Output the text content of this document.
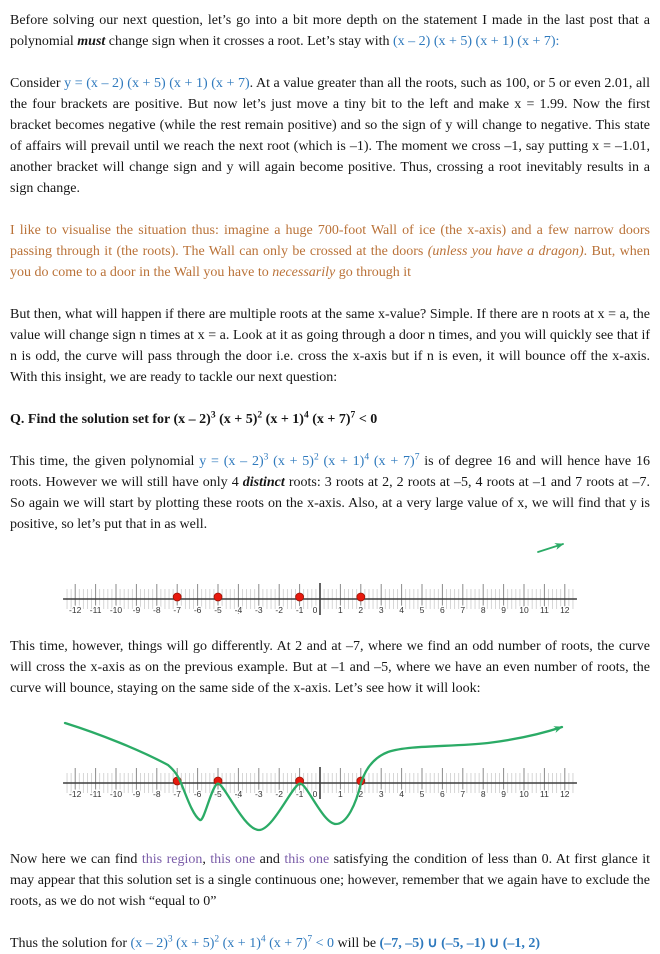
Before solving our next question, let’s go into a bit more depth on the statement I made in the last post that a polynomial must change sign when it crosses a root. Let’s stay with (x – 2) (x + 5) (x + 1) (x + 7):

Consider y = (x – 2) (x + 5) (x + 1) (x + 7). At a value greater than all the roots, such as 100, or 5 or even 2.01, all the four brackets are positive. But now let’s just move a tiny bit to the left and make x = 1.99. Now the first bracket becomes negative (while the rest remain positive) and so the sign of y will change to negative. This state of affairs will prevail until we reach the next root (which is –1). The moment we cross –1, say putting x = –1.01, another bracket will change sign and y will again become positive. Thus, crossing a root inevitably results in a sign change.

I like to visualise the situation thus: imagine a huge 700-foot Wall of ice (the x-axis) and a few narrow doors passing through it (the roots). The Wall can only be crossed at the doors (unless you have a dragon). But, when you do come to a door in the Wall you have to necessarily go through it

But then, what will happen if there are multiple roots at the same x-value? Simple. If there are n roots at x = a, the value will change sign n times at x = a. Look at it as going through a door n times, and you will quickly see that if n is odd, the curve will pass through the door i.e. cross the x-axis but if n is even, it will bounce off the x-axis. With this insight, we are ready to tackle our next question:

Q. Find the solution set for (x – 2)$^3$ $(x + 5)^2$ $(x + 1)^4$ $(x + 7)^7 < 0$

This time, the given polynomial y = (x – 2)$^3$ $(x + 5)^2$ $(x + 1)^4$ $(x + 7)^7$ is of degree 16 and will hence have 16 roots. However we will still have only 4 distinct roots: 3 roots at 2, 2 roots at –5, 4 roots at –1 and 7 roots at –7. So again we will start by plotting these roots on the x-axis. Also, at a very large value of x, we will find that y is positive, so let’s put that in as well.

-12 -11 -10 -9 -8 -7 -6 -5 -4 -3 -2 -1 0 1 2 3 4 5 6 7 8 9 10 11 12

This time, however, things will go differently. At 2 and at –7, where we find an odd number of roots, the curve will cross the x-axis as on the previous example. But at –1 and –5, where we have an even number of roots, the curve will bounce, staying on the same side of the x-axis. Let’s see how it will look:

-12 -11 -10 -9 -8 -7 -6 -5 -4 -3 -2 -1 0 1 2 3 4 5 6 7 8 9 10 11 12

Now here we can find this region, this one and this one satisfying the condition of less than 0. At first glance it may appear that this solution set is a single continuous one; however, remember that we again have to exclude the roots, as we do not wish “equal to 0”

Thus the solution for (x – 2)$^3$ $(x + 5)^2$ $(x + 1)^4$ $(x + 7)^7 < 0$ will be (–7, –5) ∪ (–5, –1) ∪ (–1, 2)
